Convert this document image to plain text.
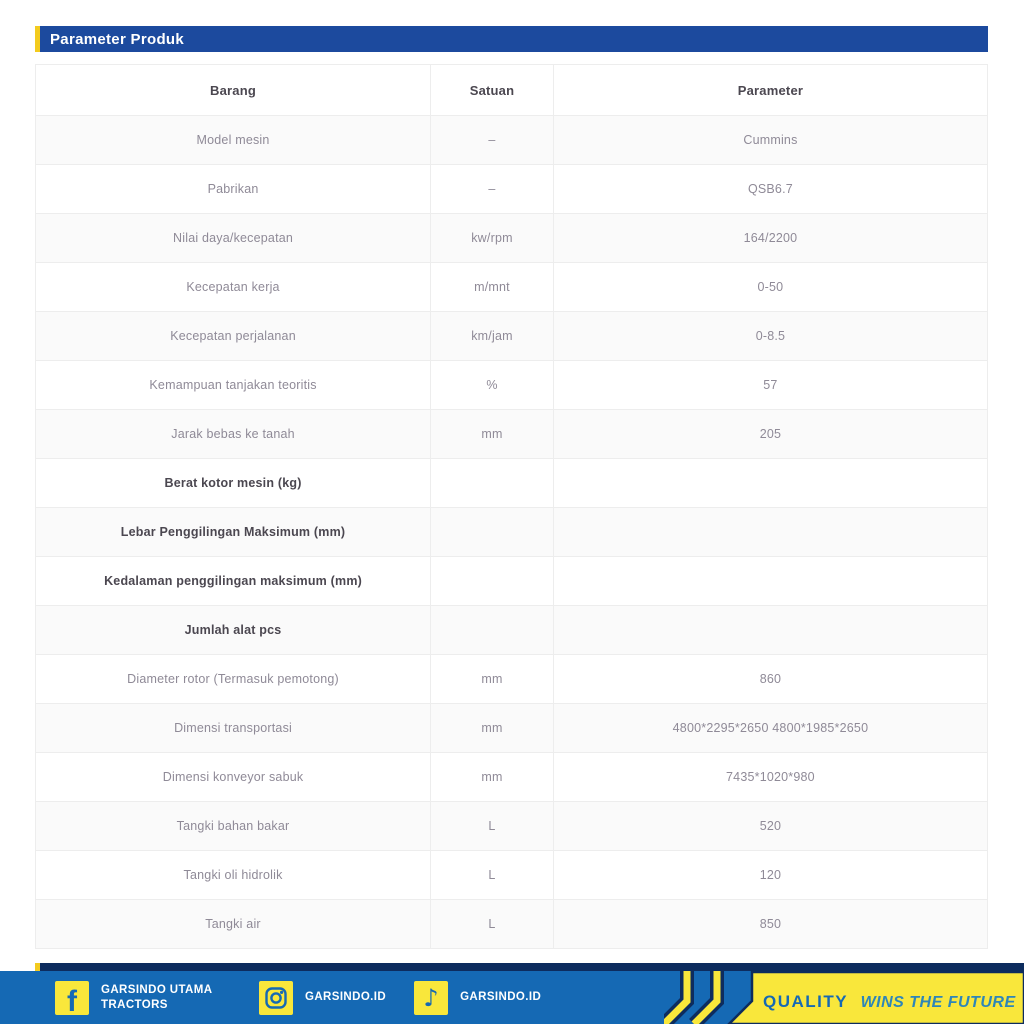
Parameter Produk
Barang	Satuan	Parameter
Model mesin	–	Cummins
Pabrikan	–	QSB6.7
Nilai daya/kecepatan	kw/rpm	164/2200
Kecepatan kerja	m/mnt	0-50
Kecepatan perjalanan	km/jam	0-8.5
Kemampuan tanjakan teoritis	%	57
Jarak bebas ke tanah	mm	205
Berat kotor mesin (kg)		
Lebar Penggilingan Maksimum (mm)		
Kedalaman penggilingan maksimum (mm)		
Jumlah alat pcs		
Diameter rotor (Termasuk pemotong)	mm	860
Dimensi transportasi	mm	4800*2295*2650 4800*1985*2650
Dimensi konveyor sabuk	mm	7435*1020*980
Tangki bahan bakar	L	520
Tangki oli hidrolik	L	120
Tangki air	L	850
f GARSINDO UTAMA TRACTORS
GARSINDO.ID ♪ GARSINDO.ID	QUALITY WINS THE FUTURE
